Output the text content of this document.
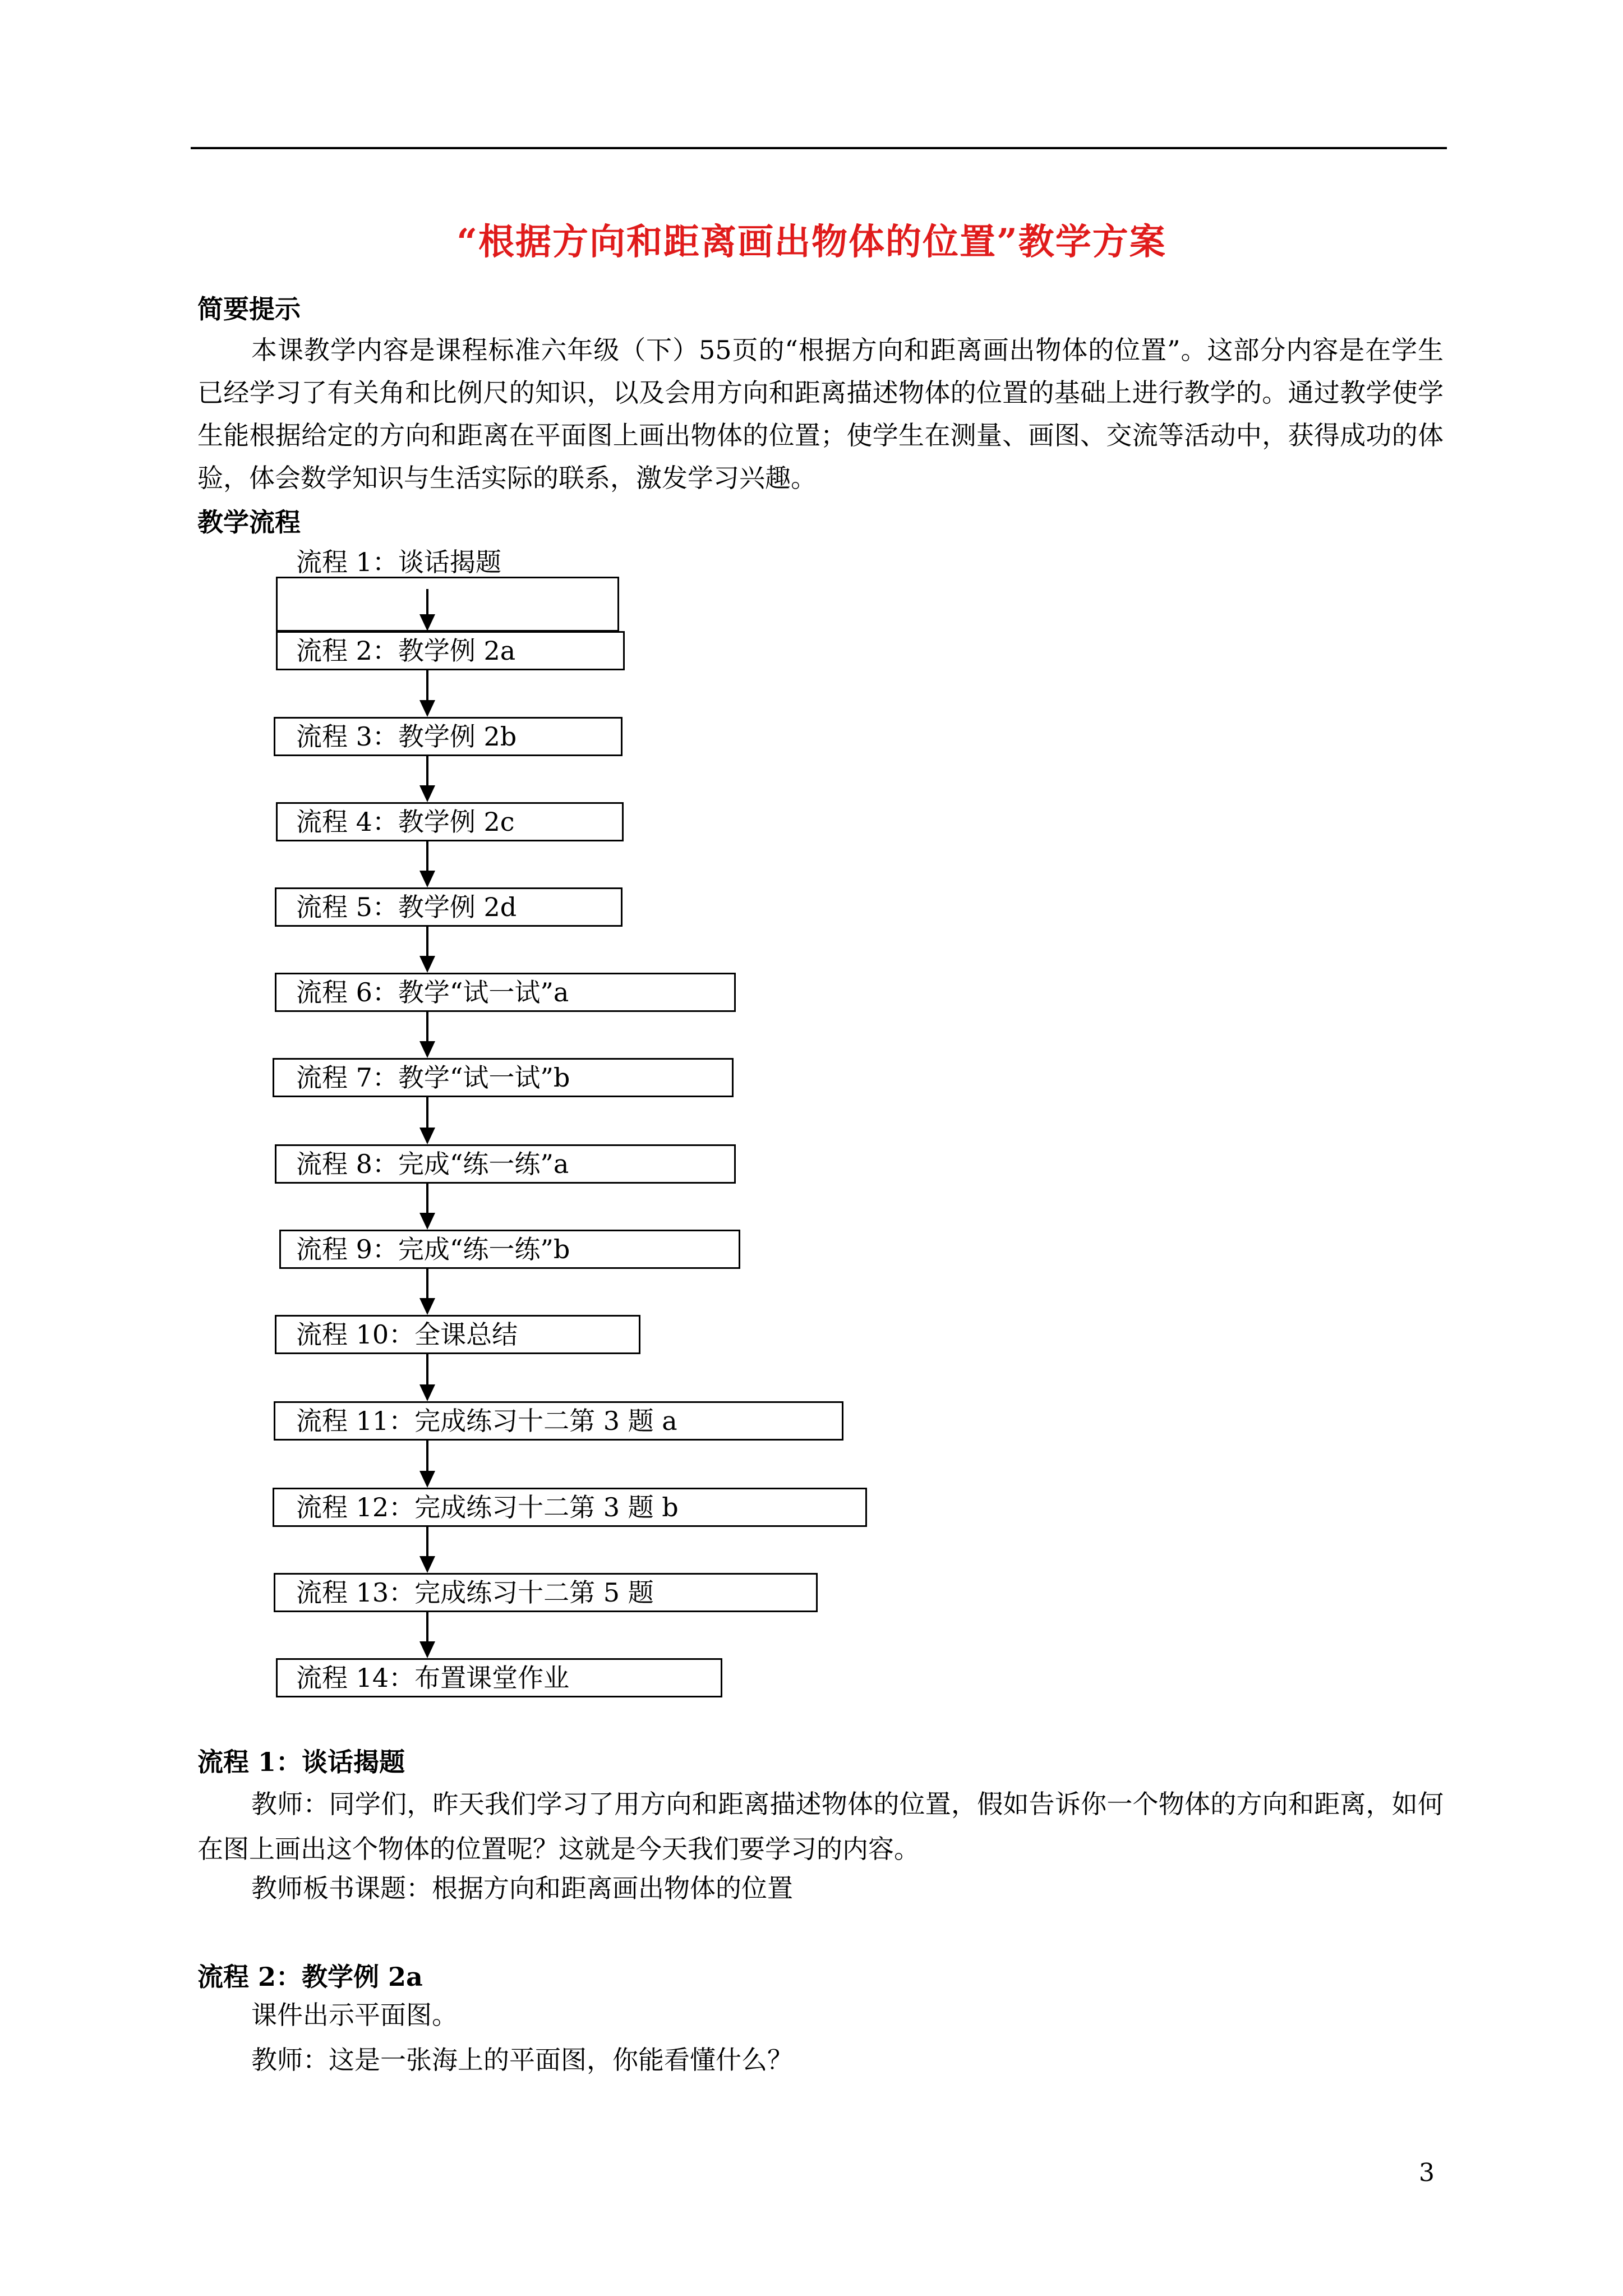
“根据方向和距离画出物体的位置”教学方案
简要提示
本课教学内容是课程标准六年级（下）55页的“根据方向和距离画出物体的位置”。这部分内容是在学生已经学习了有关角和比例尺的知识，以及会用方向和距离描述物体的位置的基础上进行教学的。通过教学使学生能根据给定的方向和距离在平面图上画出物体的位置；使学生在测量、画图、交流等活动中，获得成功的体验，体会数学知识与生活实际的联系，激发学习兴趣。
教学流程
流程 1：谈话揭题
流程 2：教学例 2a
流程 3：教学例 2b
流程 4：教学例 2c
流程 5：教学例 2d
流程 6：教学“试一试”a
流程 7：教学“试一试”b
流程 8：完成“练一练”a
流程 9：完成“练一练”b
流程 10：全课总结
流程 11：完成练习十二第 3 题 a
流程 12：完成练习十二第 3 题 b
流程 13：完成练习十二第 5 题
流程 14：布置课堂作业
流程 1：谈话揭题
教师：同学们，昨天我们学习了用方向和距离描述物体的位置，假如告诉你一个物体的方向和距离，如何在图上画出这个物体的位置呢？这就是今天我们要学习的内容。
教师板书课题：根据方向和距离画出物体的位置
流程 2：教学例 2a
课件出示平面图。
教师：这是一张海上的平面图，你能看懂什么？
3
